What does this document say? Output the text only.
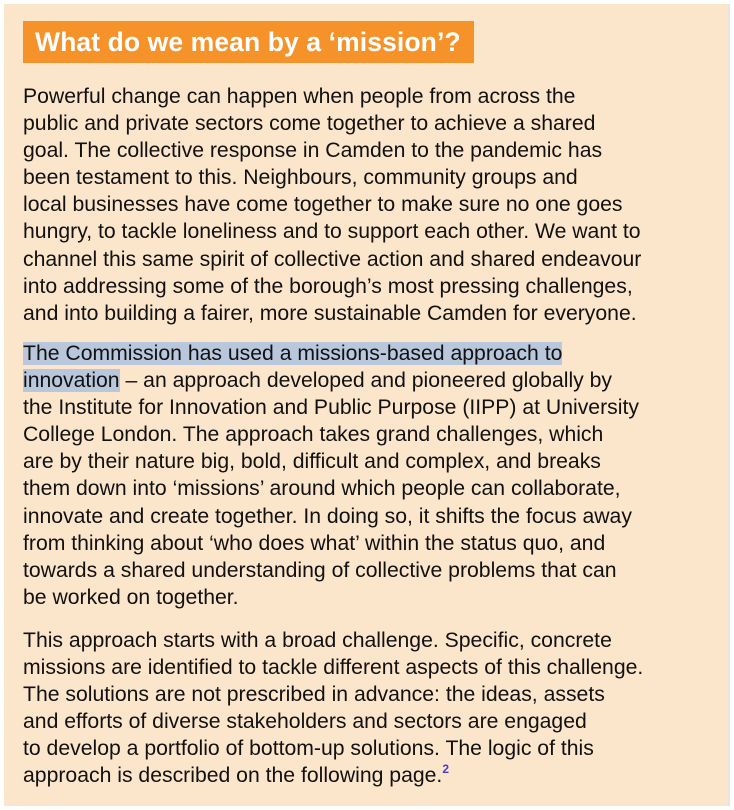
What do we mean by a ‘mission’?

Powerful change can happen when people from across the
public and private sectors come together to achieve a shared
goal. The collective response in Camden to the pandemic has
been testament to this. Neighbours, community groups and
local businesses have come together to make sure no one goes
hungry, to tackle loneliness and to support each other. We want to
channel this same spirit of collective action and shared endeavour
into addressing some of the borough’s most pressing challenges,
and into building a fairer, more sustainable Camden for everyone.

The Commission has used a missions-based approach to
innovation – an approach developed and pioneered globally by
the Institute for Innovation and Public Purpose (IIPP) at University
College London. The approach takes grand challenges, which
are by their nature big, bold, difficult and complex, and breaks
them down into ‘missions’ around which people can collaborate,
innovate and create together. In doing so, it shifts the focus away
from thinking about ‘who does what’ within the status quo, and
towards a shared understanding of collective problems that can
be worked on together.

This approach starts with a broad challenge. Specific, concrete
missions are identified to tackle different aspects of this challenge.
The solutions are not prescribed in advance: the ideas, assets
and efforts of diverse stakeholders and sectors are engaged
to develop a portfolio of bottom-up solutions. The logic of this
approach is described on the following page.$^2$
